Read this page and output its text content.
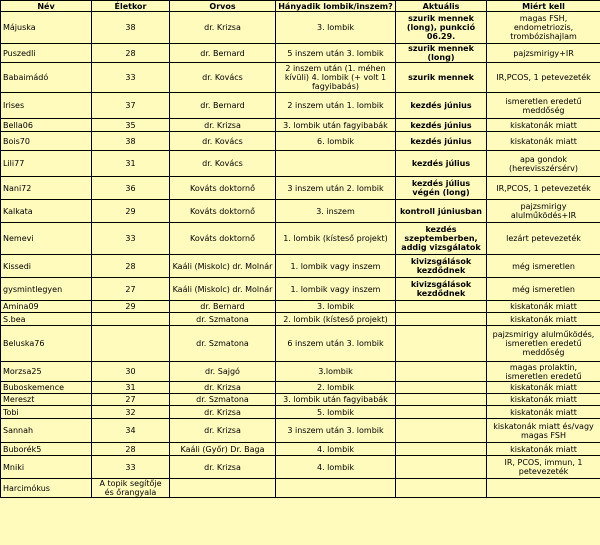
Név	Életkor	Orvos	Hányadik lombik/inszem?	Aktuális	Miért kell
Májuska	38	dr. Krizsa	3. lombik	szurik mennek (long), punkció 06.29.	magas FSH, endometriozis, trombózishajlam
Puszedli	28	dr. Bernard	5 inszem után 3. lombik	szurik mennek (long)	pajzsmirigy+IR
Babaimádó	33	dr. Kovács	2 inszem után (1. méhen kívüli) 4. lombik (+ volt 1 fagyibabás)	szurik mennek	IR,PCOS, 1 petevezeték
Irises	37	dr. Bernard	2 inszem után 1. lombik	kezdés június	ismeretlen eredetű meddőség
Bella06	35	dr. Krizsa	3. lombik után fagyibabák	kezdés június	kiskatonák miatt
Bois70	38	dr. Kovács	6. lombik	kezdés június	kiskatonák miatt
Lili77	31	dr. Kovács		kezdés július	apa gondok (herevisszérsérv)
Nani72	36	Kováts doktornő	3 inszem után 2. lombik	kezdés július végén (long)	IR,PCOS, 1 petevezeték
Kalkata	29	Kováts doktornő	3. inszem	kontroll júniusban	pajzsmirigy alulműködés+IR
Nemevi	33	Kováts doktornő	1. lombik (kísteső projekt)	kezdés szeptemberben, addig vizsgálatok	lezárt petevezeték
Kissedi	28	Kaáli (Miskolc) dr. Molnár	1. lombik vagy inszem	kivizsgálások kezdődnek	még ismeretlen
gysmintlegyen	27	Kaáli (Miskolc) dr. Molnár	1. lombik vagy inszem	kivizsgálások kezdődnek	még ismeretlen
Amina09	29	dr. Bernard	3. lombik		kiskatonák miatt
S.bea		dr. Szmatona	2. lombik (kísteső projekt)		kiskatonák miatt
Beluska76		dr. Szmatona	6 inszem után 3. lombik		pajzsmirigy alulműködés, ismeretlen eredetű meddőség
Morzsa25	30	dr. Sajgó	3.lombik		magas prolaktin, ismeretlen eredetű
Buboskemence	31	dr. Krizsa	2. lombik		kiskatonák miatt
Mereszt	27	dr. Szmatona	3. lombik után fagyibabák		kiskatonák miatt
Tobi	32	dr. Krizsa	5. lombik		kiskatonák miatt
Sannah	34	dr. Krizsa	3 inszem után 3. lombik		kiskatonák miatt és/vagy magas FSH
Buborék5	28	Kaáli (Győr) Dr. Baga	4. lombik		kiskatonák miatt
Mniki	33	dr. Krizsa	4. lombik		IR, PCOS, immun, 1 petevezeték
Harcimókus	A topik segítője és őrangyala				
